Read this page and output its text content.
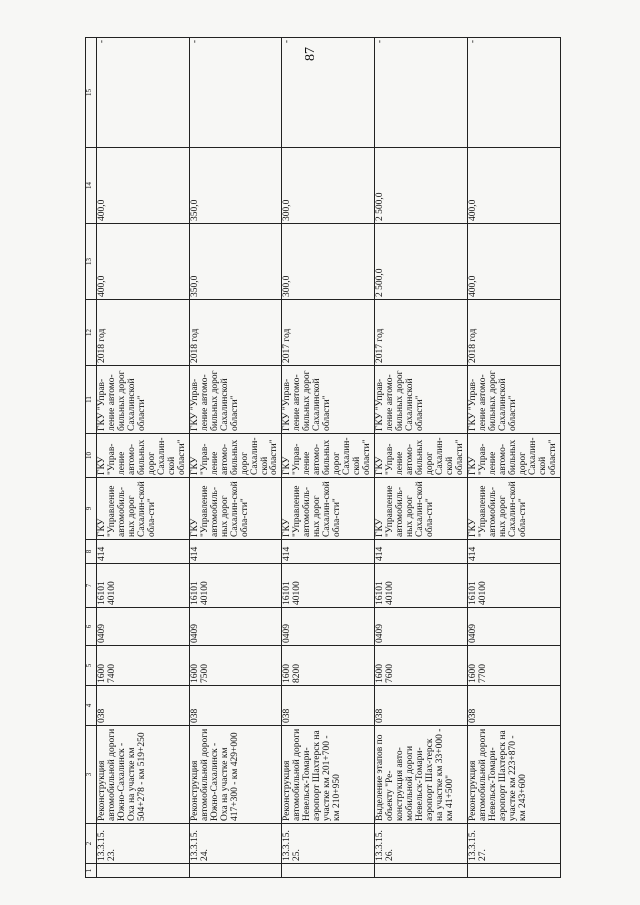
87
1	2	3	4	5	6	7	8	9	10	11	12	13	14	15
	13.3.15. 23.	Реконструкция автомобильной дороги Южно-Сахалинск - Оха на участке км 504+278 - км 519+250	038	1600 7400	0409	16101 40100	414	ГКУ "Управление автомобиль-ных дорог Сахалин-ской обла-сти"	ГКУ "Управ-ление автомо-бильных дорог Сахалин-ской области"	ГКУ "Управ-ление автомо-бильных дорог Сахалинской области"	2018 год	400,0	400,0	-
	13.3.15. 24.	Реконструкция автомобильной дороги Южно-Сахалинск - Оха на участке км 417+300 - км 429+000	038	1600 7500	0409	16101 40100	414	ГКУ "Управление автомобиль-ных дорог Сахалин-ской обла-сти"	ГКУ "Управ-ление автомо-бильных дорог Сахалин-ской области"	ГКУ "Управ-ление автомо-бильных дорог Сахалинской области"	2018 год	350,0	350,0	-
	13.3.15. 25.	Реконструкция автомобильной дороги Невельск-Томари-аэропорт Шахтерск на участке км 201+700 - км 210+950	038	1600 8200	0409	16101 40100	414	ГКУ "Управление автомобиль-ных дорог Сахалин-ской обла-сти"	ГКУ "Управ-ление автомо-бильных дорог Сахалин-ской области"	ГКУ "Управ-ление автомо-бильных дорог Сахалинской области"	2017 год	300,0	300,0	-
	13.3.15. 26.	Выделение этапов по объекту "Ре-конструкция авто-мобильной дороги Невельск-Томари-аэропорт Шах-терск на участке км 33+000 - км 41+500"	038	1600 7600	0409	16101 40100	414	ГКУ "Управление автомобиль-ных дорог Сахалин-ской обла-сти"	ГКУ "Управ-ление автомо-бильных дорог Сахалин-ской области"	ГКУ "Управ-ление автомо-бильных дорог Сахалинской области"	2017 год	2 500,0	2 500,0	-
	13.3.15. 27.	Реконструкция автомобильной дороги Невельск-Томари-аэропорт Шахтерск на участке км 223+870 - км 243+600	038	1600 7700	0409	16101 40100	414	ГКУ "Управление автомобиль-ных дорог Сахалин-ской обла-сти"	ГКУ "Управ-ление автомо-бильных дорог Сахалин-ской области"	ГКУ "Управ-ление автомо-бильных дорог Сахалинской области"	2018 год	400,0	400,0	-
